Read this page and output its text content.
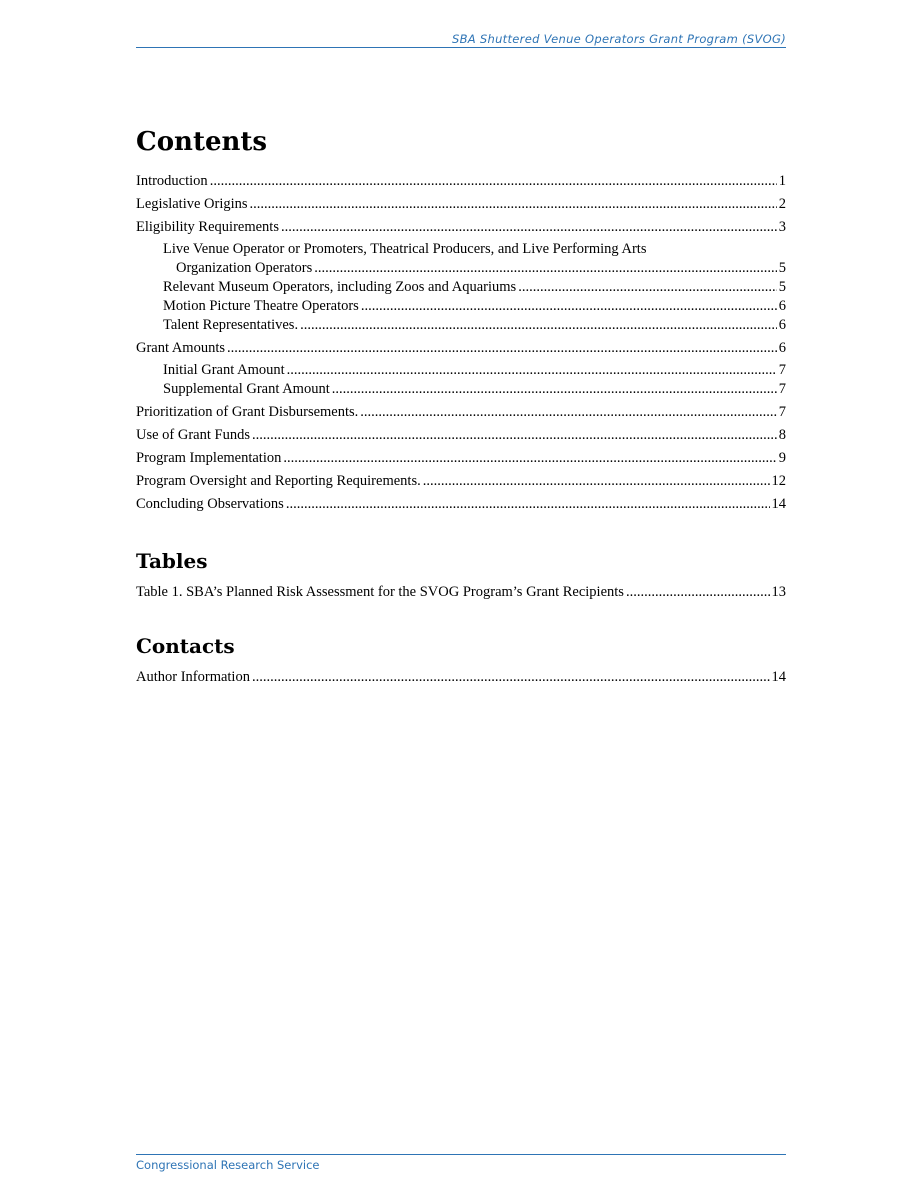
SBA Shuttered Venue Operators Grant Program (SVOG)
Contents
Introduction .....	1
Legislative Origins .....	2
Eligibility Requirements .....	3
Live Venue Operator or Promoters, Theatrical Producers, and Live Performing Arts
Organization Operators .....	5
Relevant Museum Operators, including Zoos and Aquariums .....	5
Motion Picture Theatre Operators .....	6
Talent Representatives. .....	6
Grant Amounts .....	6
Initial Grant Amount .....	7
Supplemental Grant Amount .....	7
Prioritization of Grant Disbursements. .....	7
Use of Grant Funds .....	8
Program Implementation .....	9
Program Oversight and Reporting Requirements. .....	12
Concluding Observations .....	14
Tables
Table 1. SBA’s Planned Risk Assessment for the SVOG Program’s Grant Recipients .....	13
Contacts
Author Information .....	14
Congressional Research Service
